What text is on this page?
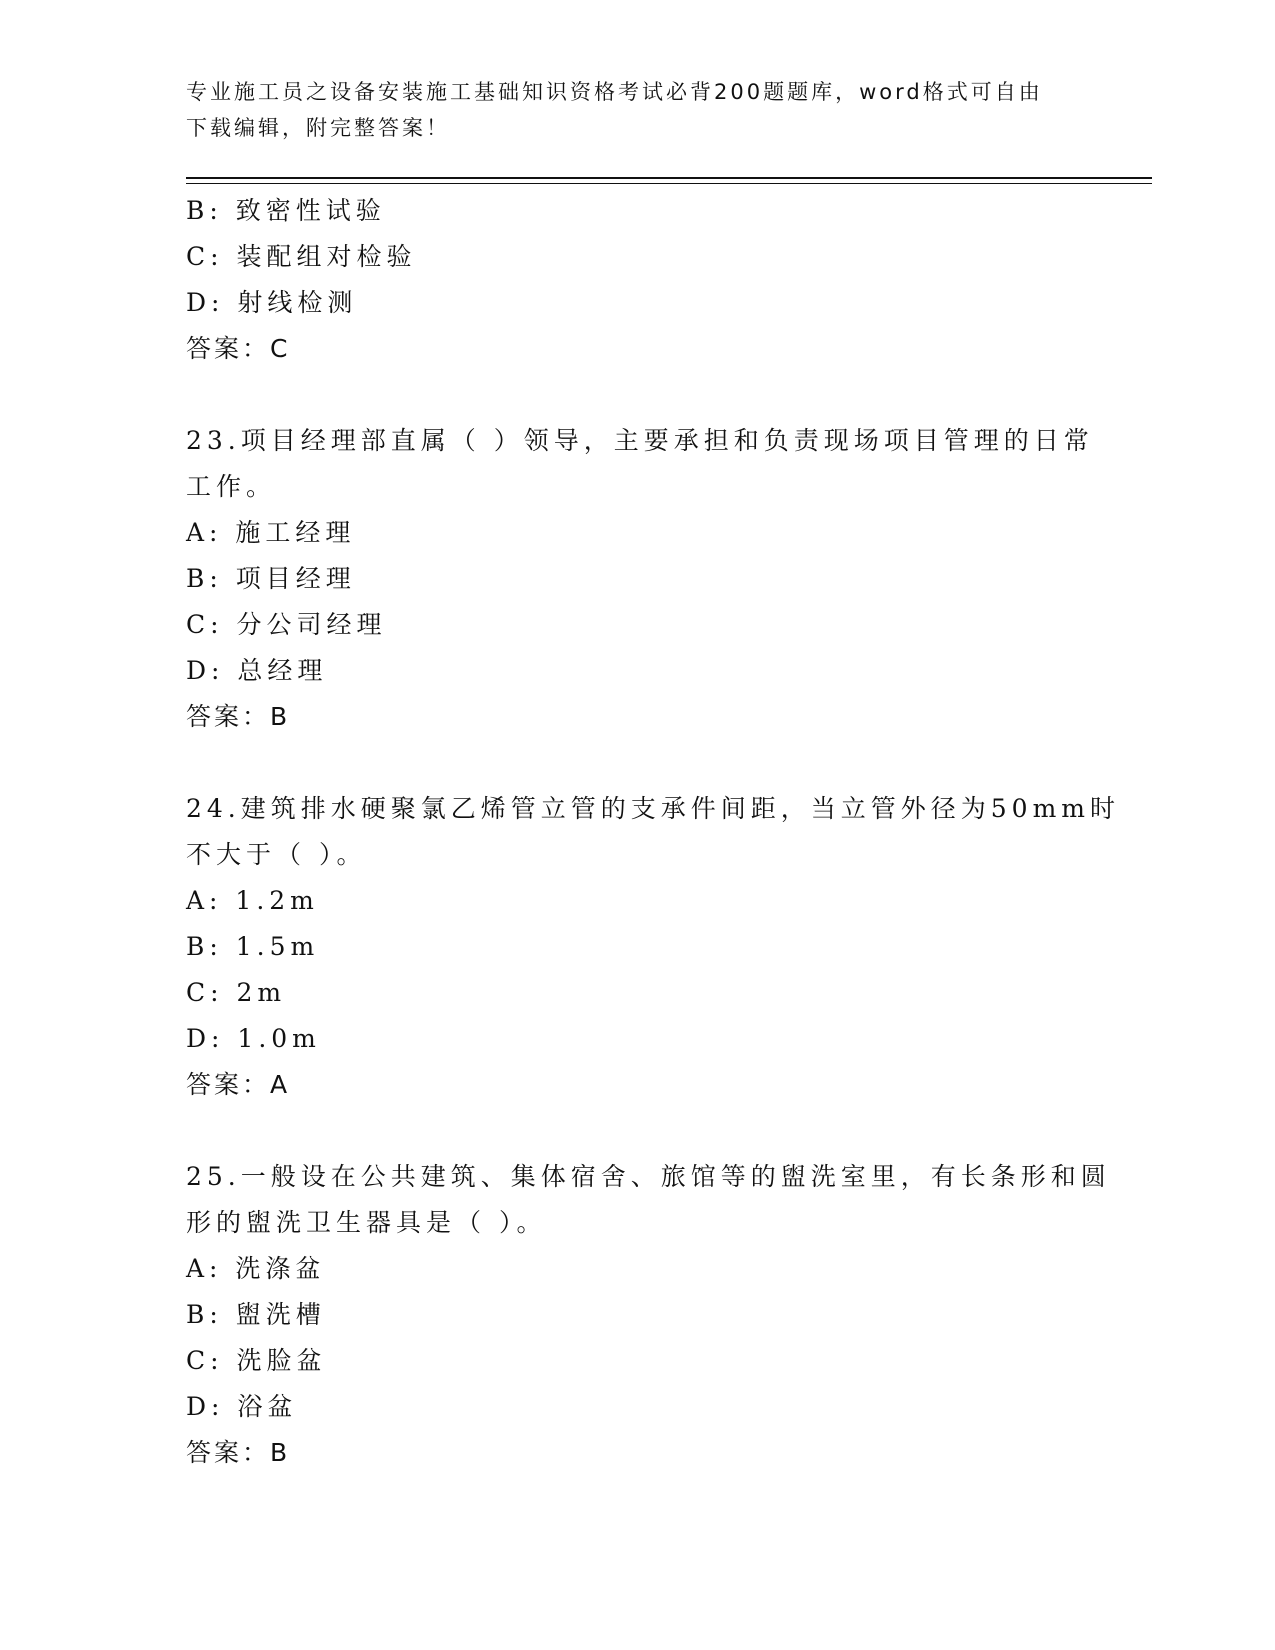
专业施工员之设备安装施工基础知识资格考试必背200题题库，word格式可自由
下载编辑，附完整答案！
B: 致密性试验
C: 装配组对检验
D: 射线检测
答案：C
23.项目经理部直属（ ）领导，主要承担和负责现场项目管理的日常
工作。
A: 施工经理
B: 项目经理
C: 分公司经理
D: 总经理
答案：B
24.建筑排水硬聚氯乙烯管立管的支承件间距，当立管外径为50mm时
不大于（ ）。
A: 1.2m
B: 1.5m
C: 2m
D: 1.0m
答案：A
25.一般设在公共建筑、集体宿舍、旅馆等的盥洗室里，有长条形和圆
形的盥洗卫生器具是（ ）。
A: 洗涤盆
B: 盥洗槽
C: 洗脸盆
D: 浴盆
答案：B
